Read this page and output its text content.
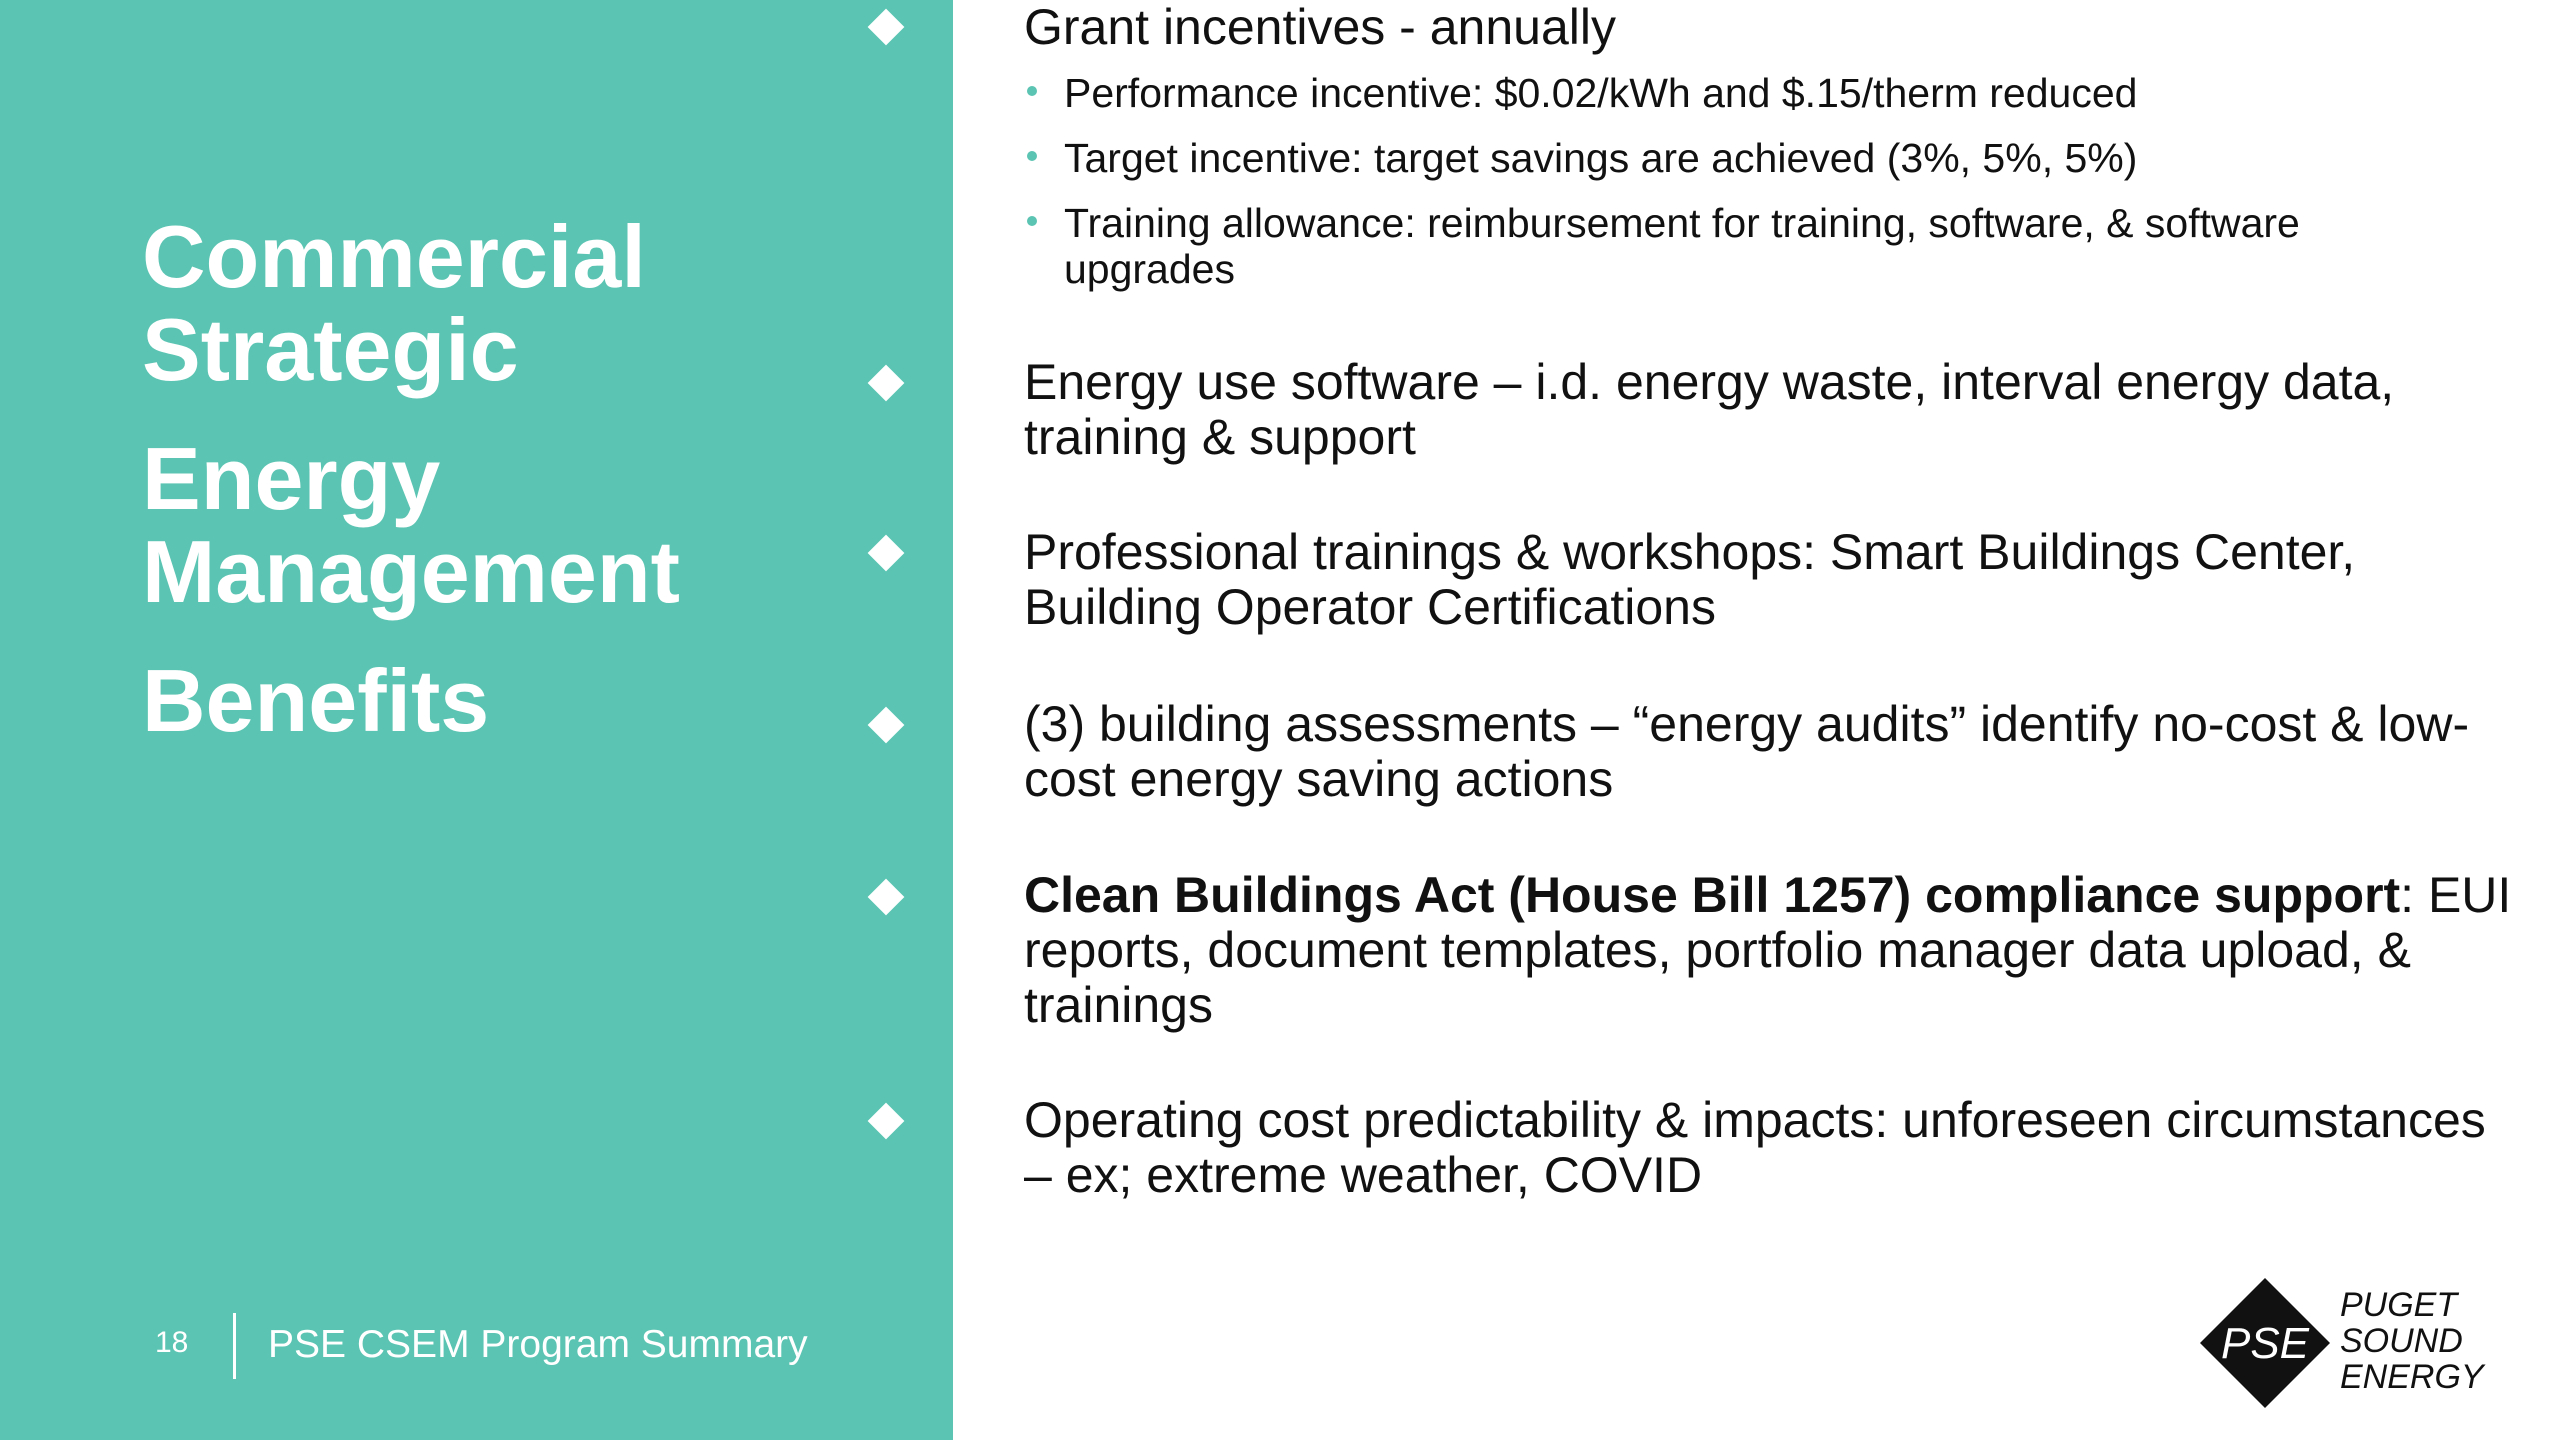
Commercial
Strategic
Energy
Management
Benefits
18 PSE CSEM Program Summary
Grant incentives - annually
Performance incentive: $0.02/kWh and $.15/therm reduced
Target incentive: target savings are achieved (3%, 5%, 5%)
Training allowance: reimbursement for training, software, & software upgrades
Energy use software – i.d. energy waste, interval energy data, training & support
Professional trainings & workshops: Smart Buildings Center, Building Operator Certifications
(3) building assessments – “energy audits” identify no-cost & low-cost energy saving actions
Clean Buildings Act (House Bill 1257) compliance support: EUI reports, document templates, portfolio manager data upload, & trainings
Operating cost predictability & impacts: unforeseen circumstances – ex; extreme weather, COVID
PSE
PUGET
SOUND
ENERGY
